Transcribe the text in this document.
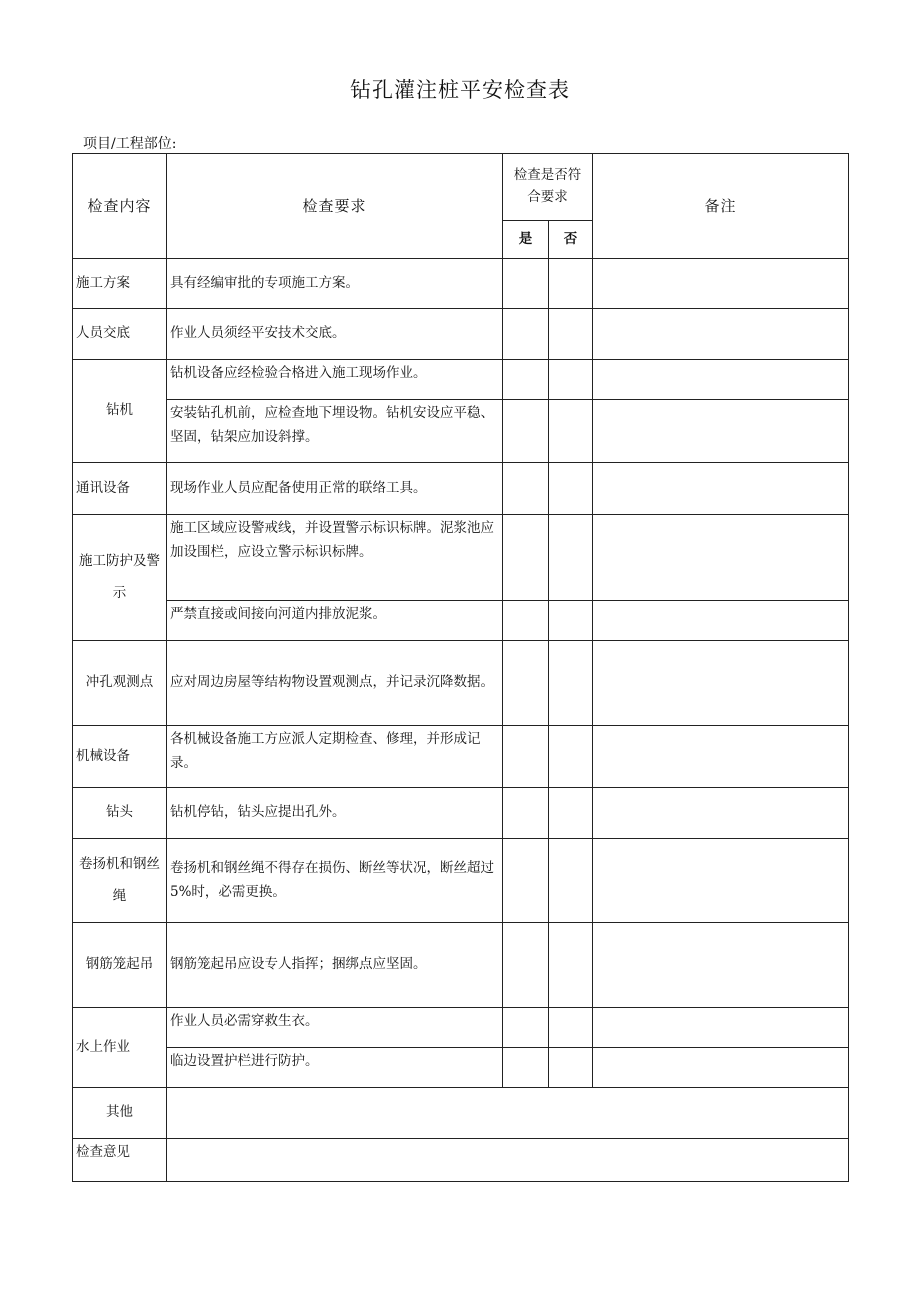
钻孔灌注桩平安检查表
项目/工程部位:
检查内容	检查要求	检查是否符合要求		备注
		是	否	
施工方案	具有经编审批的专项施工方案。			
人员交底	作业人员须经平安技术交底。			
钻机	钻机设备应经检验合格进入施工现场作业。			
	安装钻孔机前，应检查地下埋设物。钻机安设应平稳、坚固，钻架应加设斜撑。			
通讯设备	现场作业人员应配备使用正常的联络工具。			
施工防护及警示	施工区域应设警戒线，并设置警示标识标牌。泥浆池应加设围栏，应设立警示标识标牌。			
	严禁直接或间接向河道内排放泥浆。			
冲孔观测点	应对周边房屋等结构物设置观测点，并记录沉降数据。			
机械设备	各机械设备施工方应派人定期检查、修理，并形成记录。			
钻头	钻机停钻，钻头应提出孔外。			
卷扬机和钢丝绳	卷扬机和钢丝绳不得存在损伤、断丝等状况，断丝超过 5%时，必需更换。			
钢筋笼起吊	钢筋笼起吊应设专人指挥；捆绑点应坚固。			
水上作业	作业人员必需穿救生衣。			
	临边设置护栏进行防护。			
其他				
检查意见				
